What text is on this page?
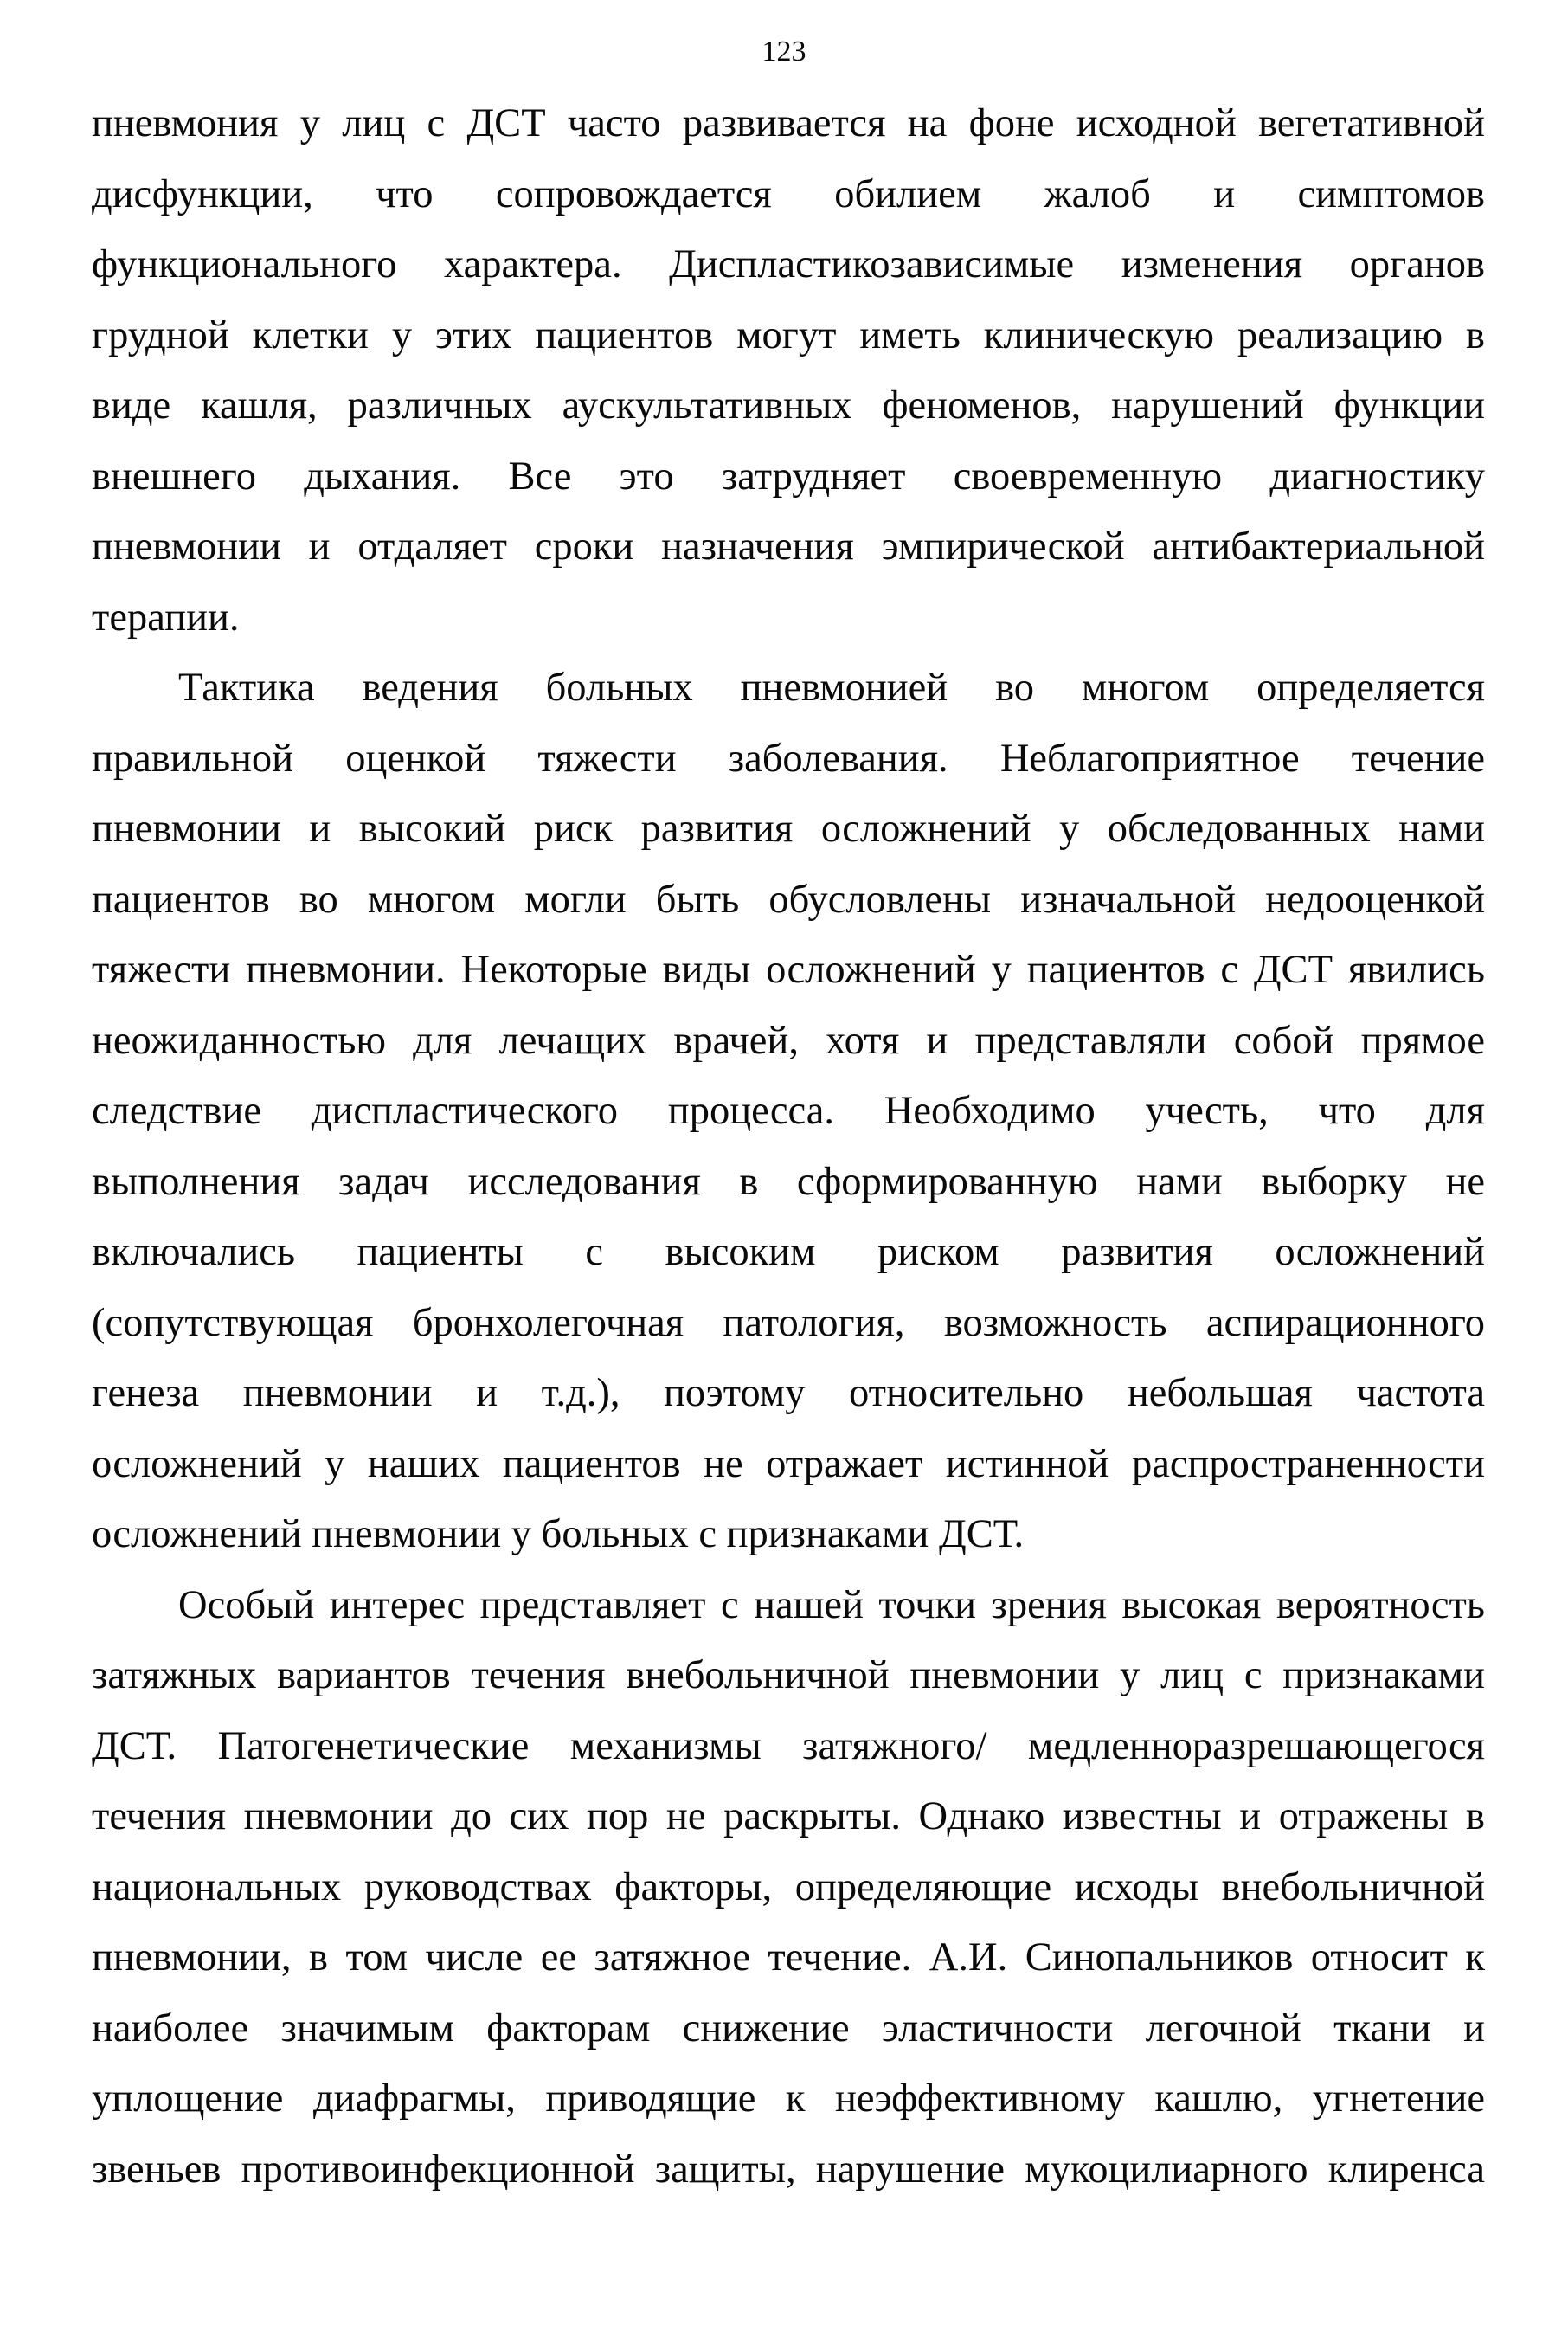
123

пневмония у лиц с ДСТ часто развивается на фоне исходной вегетативной
дисфункции, что сопровождается обилием жалоб и симптомов
функционального характера. Диспластикозависимые изменения органов
грудной клетки у этих пациентов могут иметь клиническую реализацию в
виде кашля, различных аускультативных феноменов, нарушений функции
внешнего дыхания. Все это затрудняет своевременную диагностику
пневмонии и отдаляет сроки назначения эмпирической антибактериальной
терапии.

Тактика ведения больных пневмонией во многом определяется
правильной оценкой тяжести заболевания. Неблагоприятное течение
пневмонии и высокий риск развития осложнений у обследованных нами
пациентов во многом могли быть обусловлены изначальной недооценкой
тяжести пневмонии. Некоторые виды осложнений у пациентов с ДСТ явились
неожиданностью для лечащих врачей, хотя и представляли собой прямое
следствие диспластического процесса. Необходимо учесть, что для
выполнения задач исследования в сформированную нами выборку не
включались пациенты с высоким риском развития осложнений
(сопутствующая бронхолегочная патология, возможность аспирационного
генеза пневмонии и т.д.), поэтому относительно небольшая частота
осложнений у наших пациентов не отражает истинной распространенности
осложнений пневмонии у больных с признаками ДСТ.

Особый интерес представляет с нашей точки зрения высокая вероятность
затяжных вариантов течения внебольничной пневмонии у лиц с признаками
ДСТ. Патогенетические механизмы затяжного/ медленноразрешающегося
течения пневмонии до сих пор не раскрыты. Однако известны и отражены в
национальных руководствах факторы, определяющие исходы внебольничной
пневмонии, в том числе ее затяжное течение. А.И. Синопальников относит к
наиболее значимым факторам снижение эластичности легочной ткани и
уплощение диафрагмы, приводящие к неэффективному кашлю, угнетение
звеньев противоинфекционной защиты, нарушение мукоцилиарного клиренса
